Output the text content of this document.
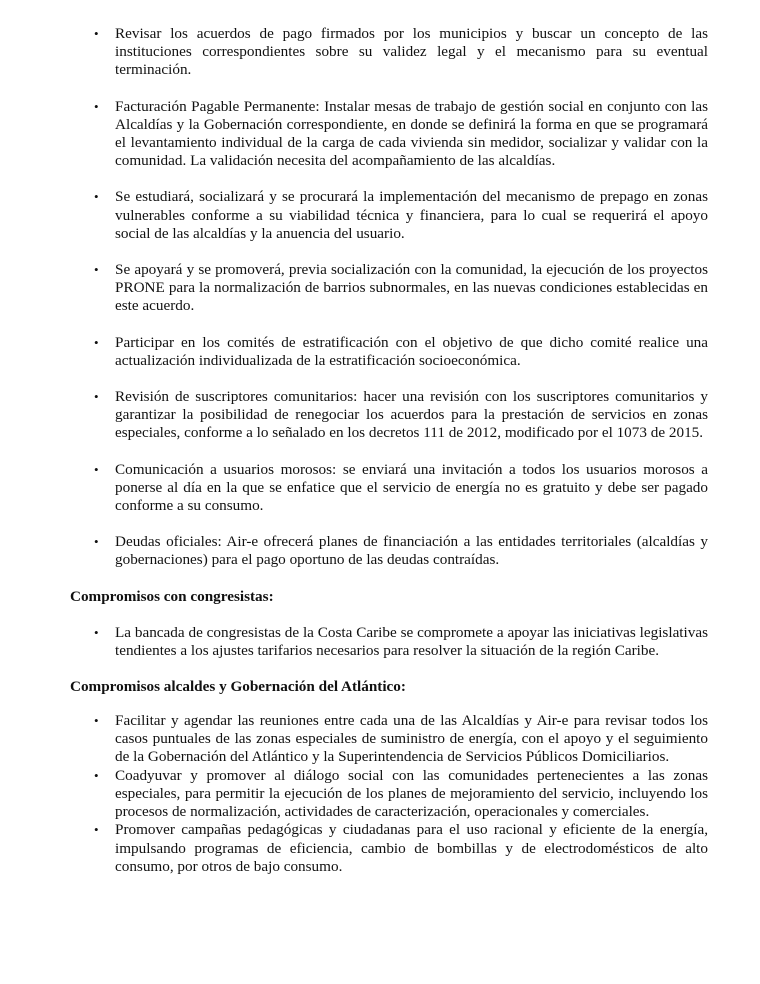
• Revisar los acuerdos de pago firmados por los municipios y buscar un concepto de las instituciones correspondientes sobre su validez legal y el mecanismo para su eventual terminación.
• Facturación Pagable Permanente: Instalar mesas de trabajo de gestión social en conjunto con las Alcaldías y la Gobernación correspondiente, en donde se definirá la forma en que se programará el levantamiento individual de la carga de cada vivienda sin medidor, socializar y validar con la comunidad. La validación necesita del acompañamiento de las alcaldías.
• Se estudiará, socializará y se procurará la implementación del mecanismo de prepago en zonas vulnerables conforme a su viabilidad técnica y financiera, para lo cual se requerirá el apoyo social de las alcaldías y la anuencia del usuario.
• Se apoyará y se promoverá, previa socialización con la comunidad, la ejecución de los proyectos PRONE para la normalización de barrios subnormales, en las nuevas condiciones establecidas en este acuerdo.
• Participar en los comités de estratificación con el objetivo de que dicho comité realice una actualización individualizada de la estratificación socioeconómica.
• Revisión de suscriptores comunitarios: hacer una revisión con los suscriptores comunitarios y garantizar la posibilidad de renegociar los acuerdos para la prestación de servicios en zonas especiales, conforme a lo señalado en los decretos 111 de 2012, modificado por el 1073 de 2015.
• Comunicación a usuarios morosos: se enviará una invitación a todos los usuarios morosos a ponerse al día en la que se enfatice que el servicio de energía no es gratuito y debe ser pagado conforme a su consumo.
• Deudas oficiales: Air-e ofrecerá planes de financiación a las entidades territoriales (alcaldías y gobernaciones) para el pago oportuno de las deudas contraídas.
Compromisos con congresistas:
• La bancada de congresistas de la Costa Caribe se compromete a apoyar las iniciativas legislativas tendientes a los ajustes tarifarios necesarios para resolver la situación de la región Caribe.
Compromisos alcaldes y Gobernación del Atlántico:
• Facilitar y agendar las reuniones entre cada una de las Alcaldías y Air-e para revisar todos los casos puntuales de las zonas especiales de suministro de energía, con el apoyo y el seguimiento de la Gobernación del Atlántico y la Superintendencia de Servicios Públicos Domiciliarios.
• Coadyuvar y promover al diálogo social con las comunidades pertenecientes a las zonas especiales, para permitir la ejecución de los planes de mejoramiento del servicio, incluyendo los procesos de normalización, actividades de caracterización, operacionales y comerciales.
• Promover campañas pedagógicas y ciudadanas para el uso racional y eficiente de la energía, impulsando programas de eficiencia, cambio de bombillas y de electrodomésticos de alto consumo, por otros de bajo consumo.
